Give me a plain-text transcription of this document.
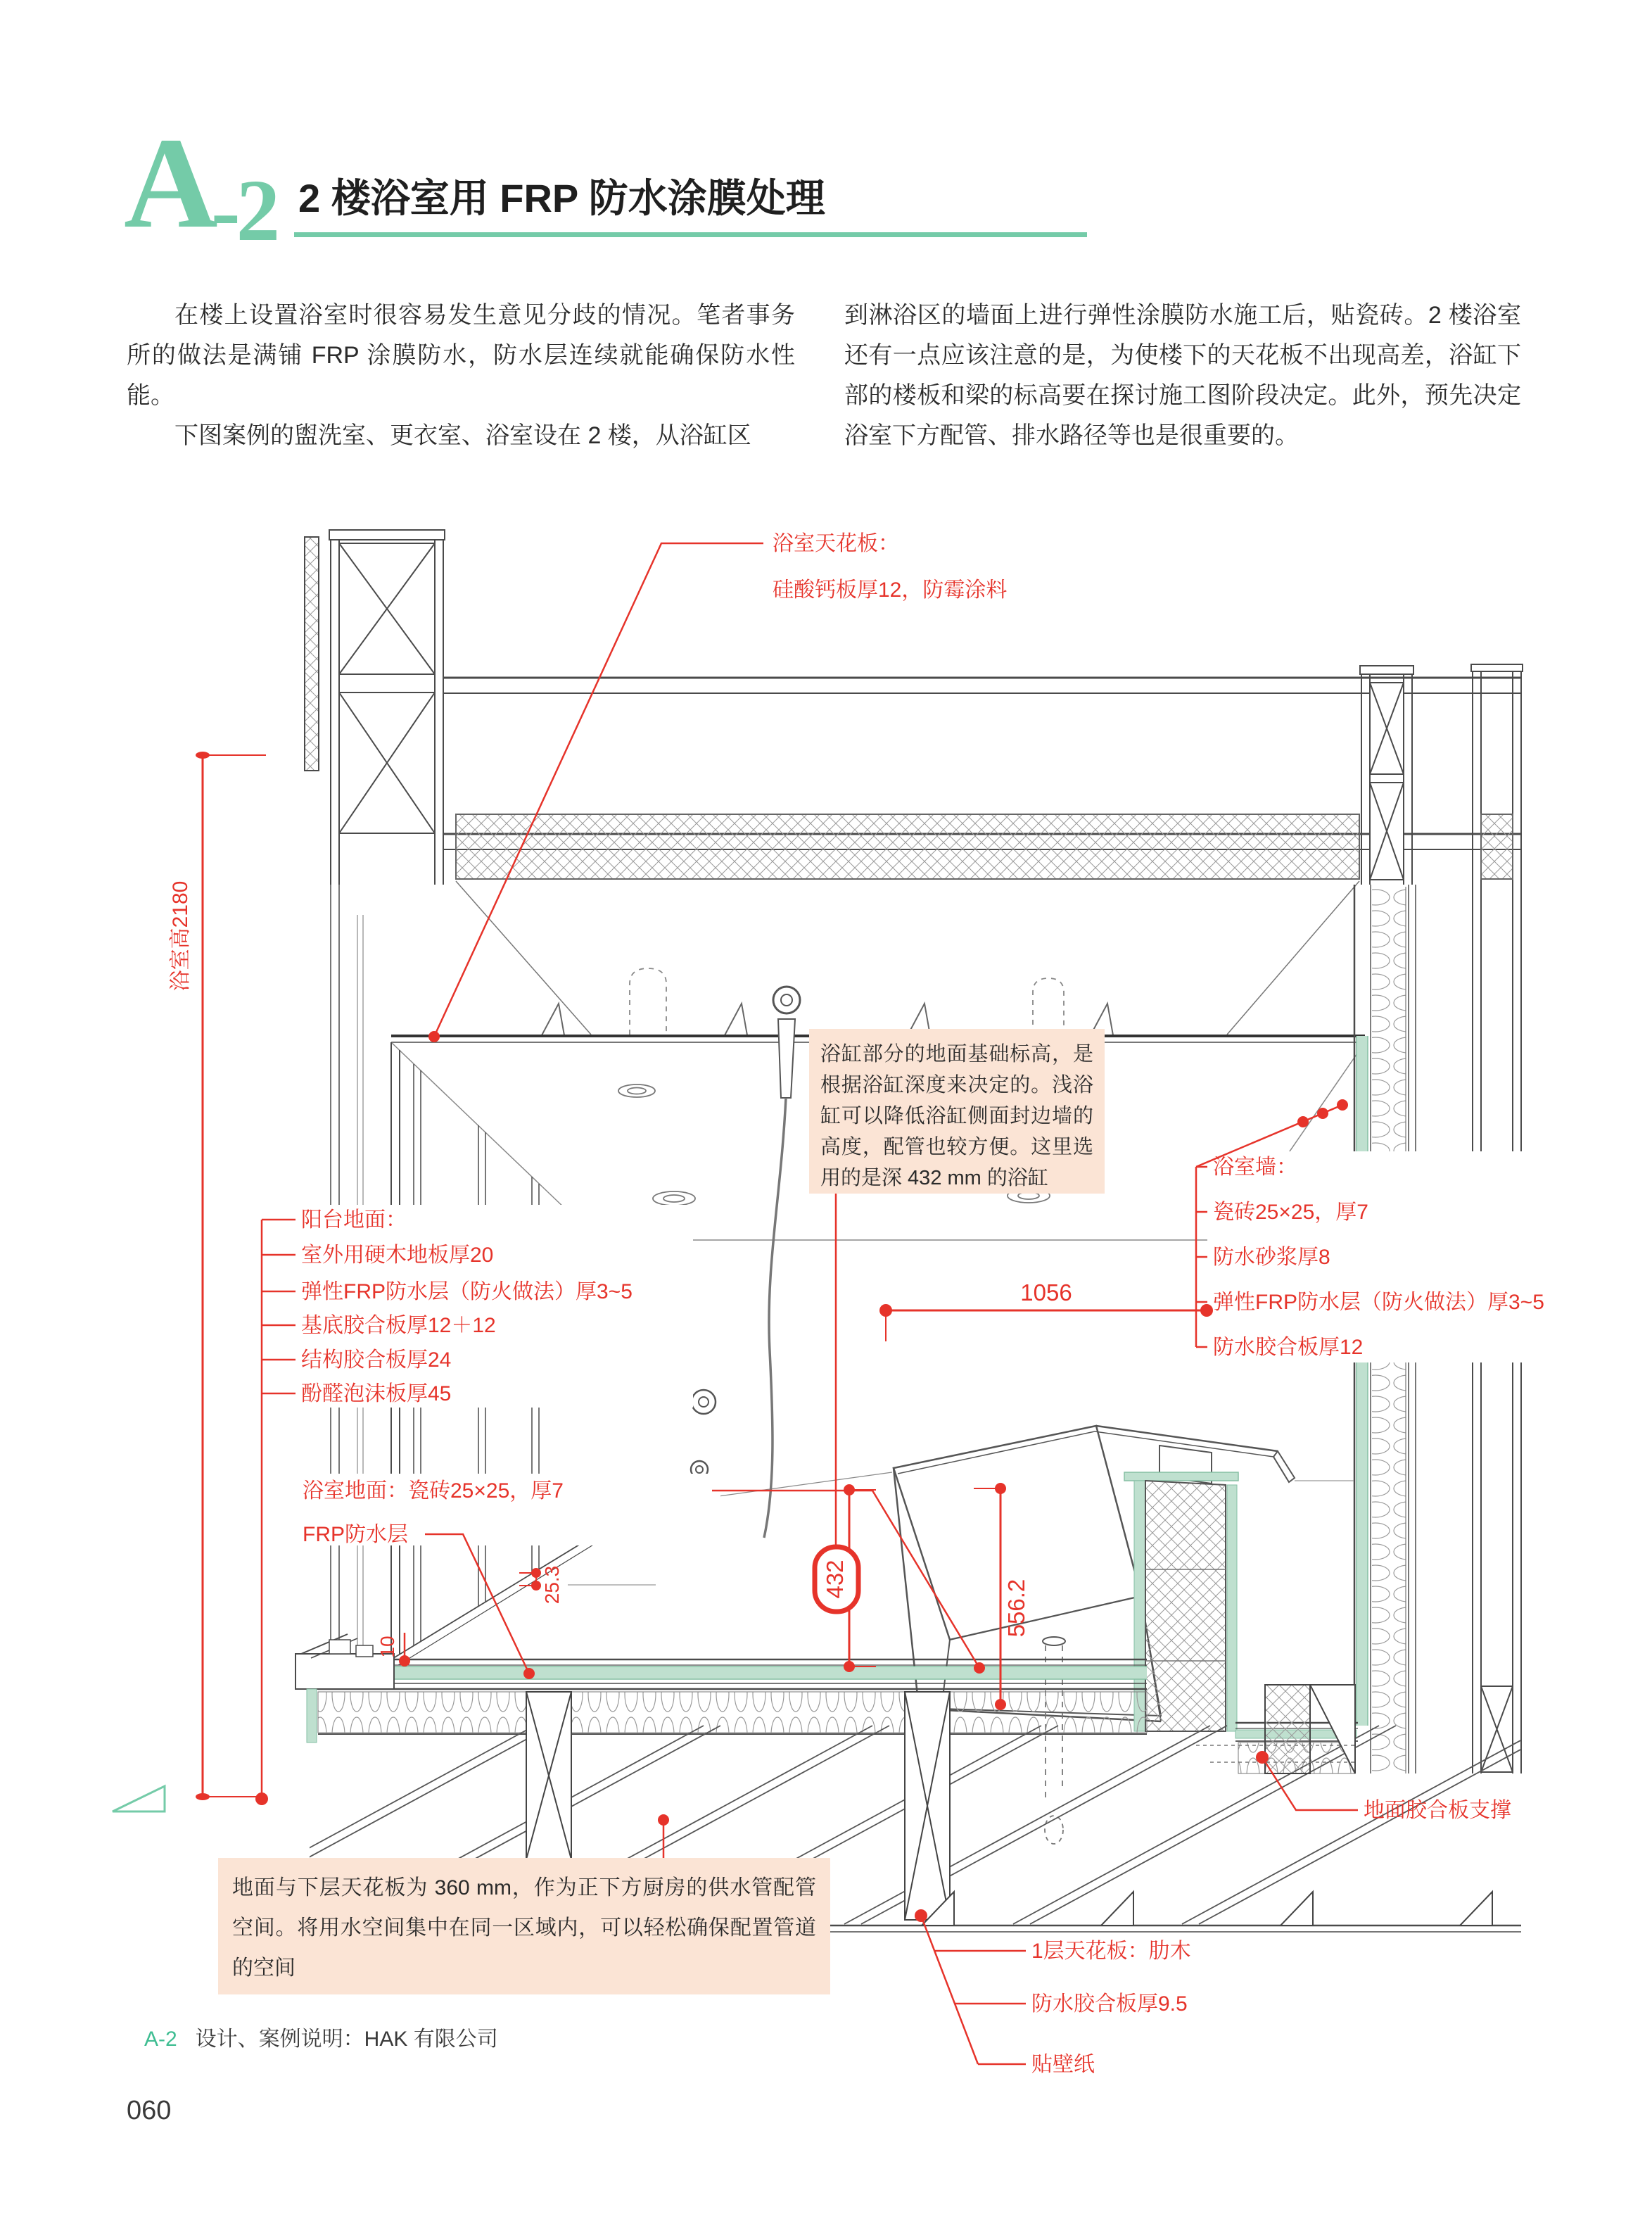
A
-2 2 楼浴室用 FRP 防水涂膜处理

在楼上设置浴室时很容易发生意见分歧的情况。笔者事务所的做法是满铺 FRP 涂膜防水，防水层连续就能确保防水性能。

下图案例的盥洗室、更衣室、浴室设在 2 楼，从浴缸区

到淋浴区的墙面上进行弹性涂膜防水施工后，贴瓷砖。2 楼浴室还有一点应该注意的是，为使楼下的天花板不出现高差，浴缸下部的楼板和梁的标高要在探讨施工图阶段决定。此外，预先决定浴室下方配管、排水路径等也是很重要的。

浴室天花板：
硅酸钙板厚12，防霉涂料
阳台地面：
室外用硬木地板厚20
弹性FRP防水层（防火做法）厚3~5
基底胶合板厚12＋12
结构胶合板厚24
酚醛泡沫板厚45
浴室墙：
瓷砖25×25，厚7
防水砂浆厚8
弹性FRP防水层（防火做法）厚3~5
防水胶合板厚12
浴室地面：瓷砖25×25，厚7
FRP防水层
地面胶合板支撑
1层天花板：肋木
防水胶合板厚9.5
贴壁纸
1056
432	556.2
25.3
10
浴室高2180
浴缸部分的地面基础标高，是根据浴缸深度来决定的。浅浴缸可以降低浴缸侧面封边墙的高度，配管也较方便。这里选用的是深 432 mm 的浴缸
地面与下层天花板为 360 mm，作为正下方厨房的供水管配管空间。将用水空间集中在同一区域内，可以轻松确保配置管道的空间
A-2 设计、案例说明：HAK 有限公司
060
